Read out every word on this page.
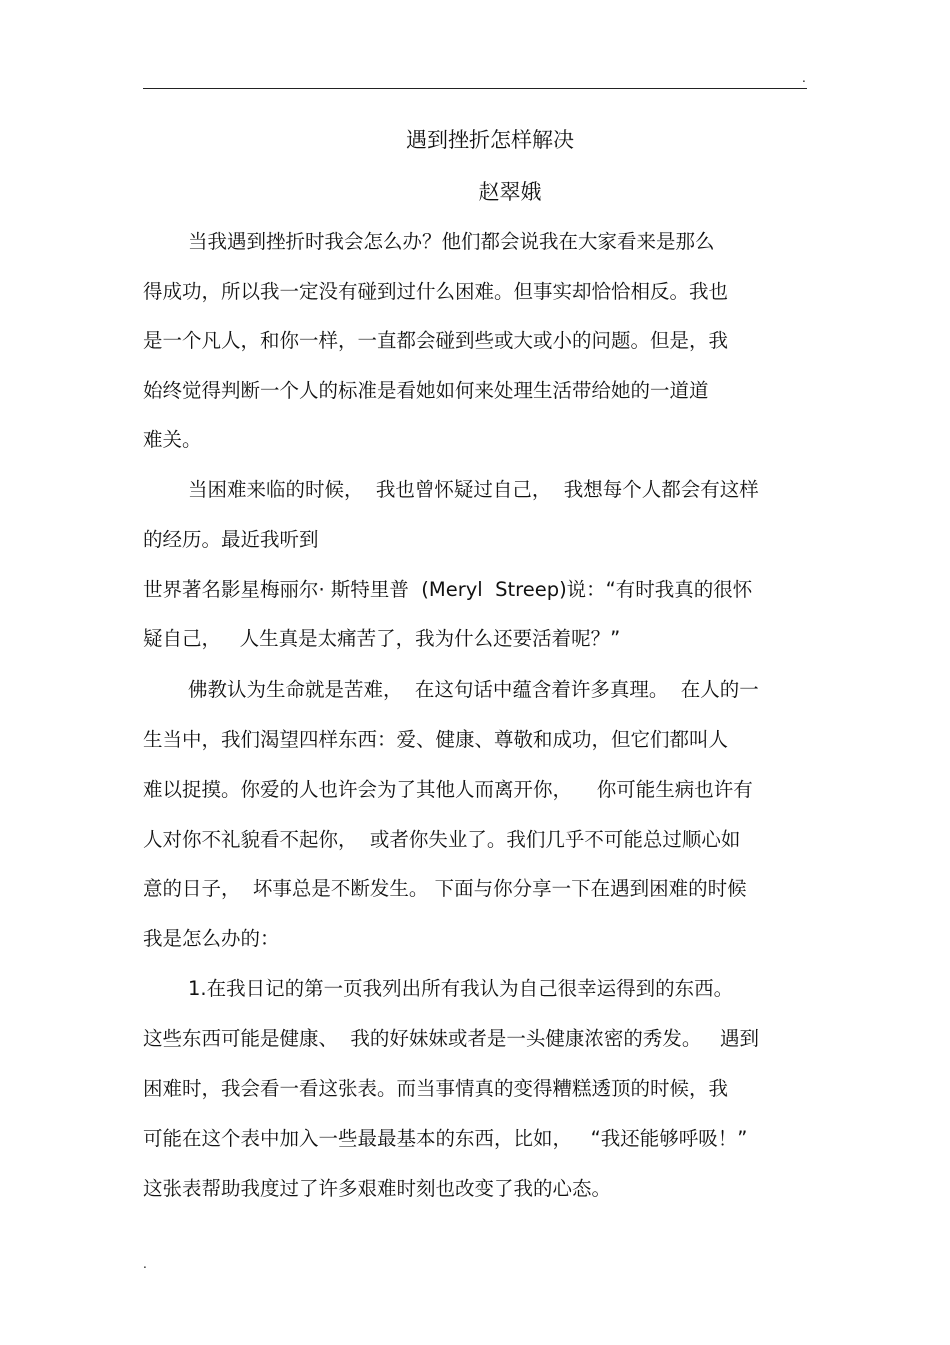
.
遇到挫折怎样解决
赵翠娥
当我遇到挫折时我会怎么办？他们都会说我在大家看来是那么
得成功，所以我一定没有碰到过什么困难。但事实却恰恰相反。我也
是一个凡人，和你一样，一直都会碰到些或大或小的问题。但是，我
始终觉得判断一个人的标准是看她如何来处理生活带给她的一道道
难关。
当困难来临的时候，  我也曾怀疑过自己，  我想每个人都会有这样
的经历。最近我听到
世界著名影星梅丽尔· 斯特里普  (Meryl  Streep)说：“有时我真的很怀
疑自己，   人生真是太痛苦了，我为什么还要活着呢？”
佛教认为生命就是苦难，  在这句话中蕴含着许多真理。  在人的一
生当中，我们渴望四样东西：爱、健康、尊敬和成功，但它们都叫人
难以捉摸。你爱的人也许会为了其他人而离开你，    你可能生病也许有
人对你不礼貌看不起你，  或者你失业了。我们几乎不可能总过顺心如
意的日子，  坏事总是不断发生。 下面与你分享一下在遇到困难的时候
我是怎么办的：
1.在我日记的第一页我列出所有我认为自己很幸运得到的东西。
这些东西可能是健康、  我的好妹妹或者是一头健康浓密的秀发。   遇到
困难时，我会看一看这张表。而当事情真的变得糟糕透顶的时候，我
可能在这个表中加入一些最最基本的东西，比如，   “我还能够呼吸！”
这张表帮助我度过了许多艰难时刻也改变了我的心态。
.
